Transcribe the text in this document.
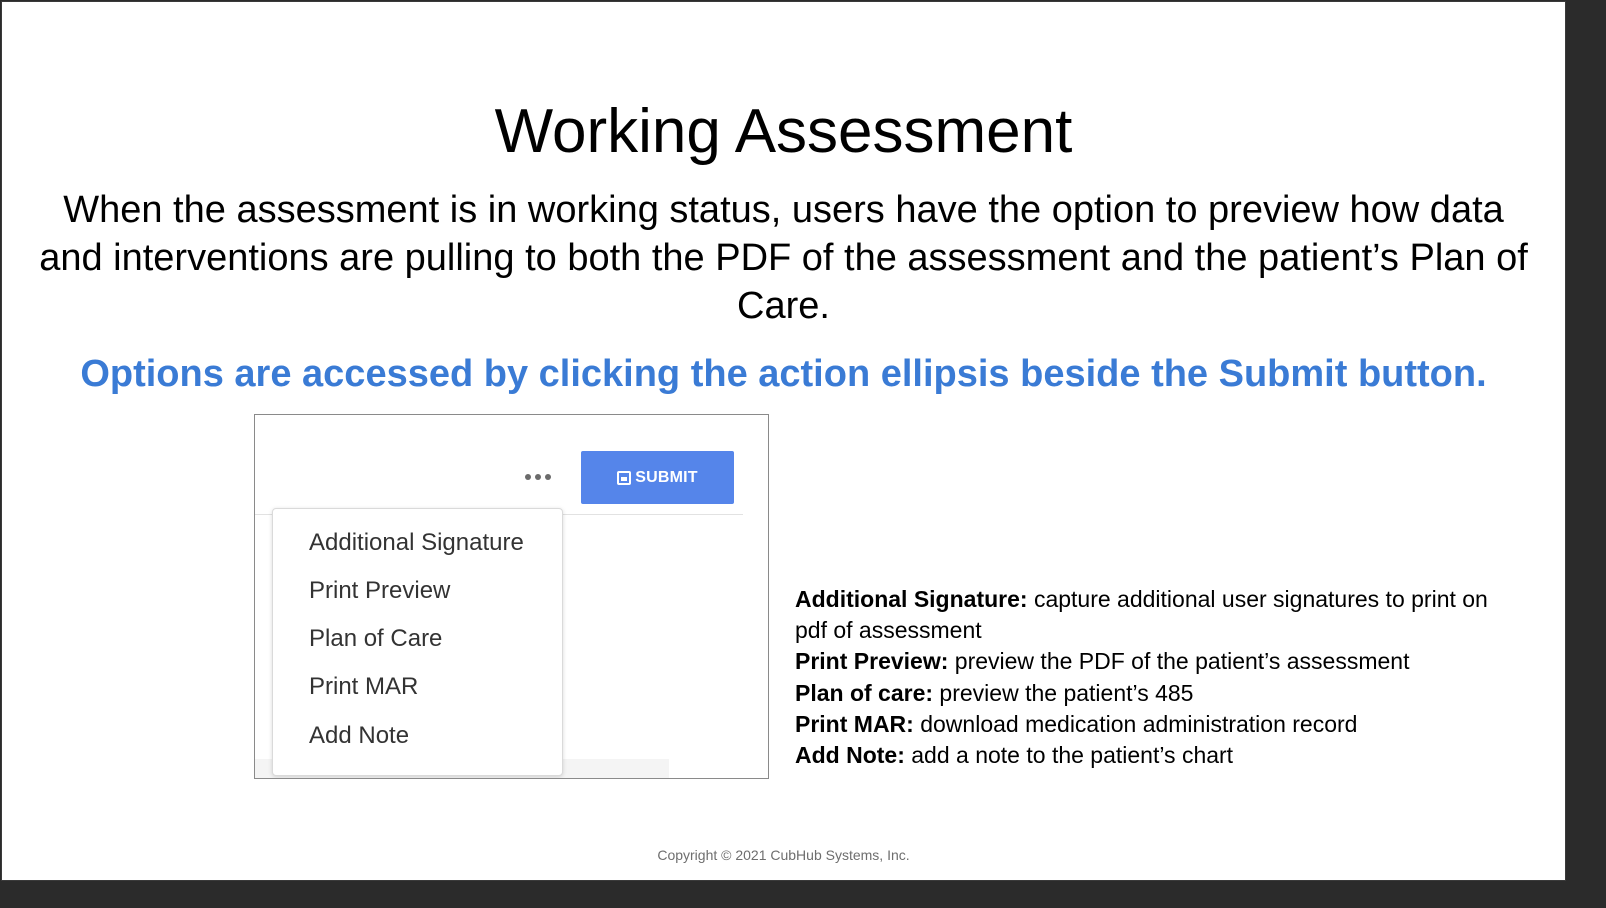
Working Assessment
When the assessment is in working status, users have the option to preview how data and interventions are pulling to both the PDF of the assessment and the patient’s Plan of Care.
Options are accessed by clicking the action ellipsis beside the Submit button.
SUBMIT
Additional Signature
Print Preview
Plan of Care
Print MAR
Add Note
Additional Signature: capture additional user signatures to print on pdf of assessment
Print Preview: preview the PDF of the patient’s assessment
Plan of care: preview the patient’s 485
Print MAR: download medication administration record
Add Note: add a note to the patient’s chart
Copyright © 2021 CubHub Systems, Inc.
